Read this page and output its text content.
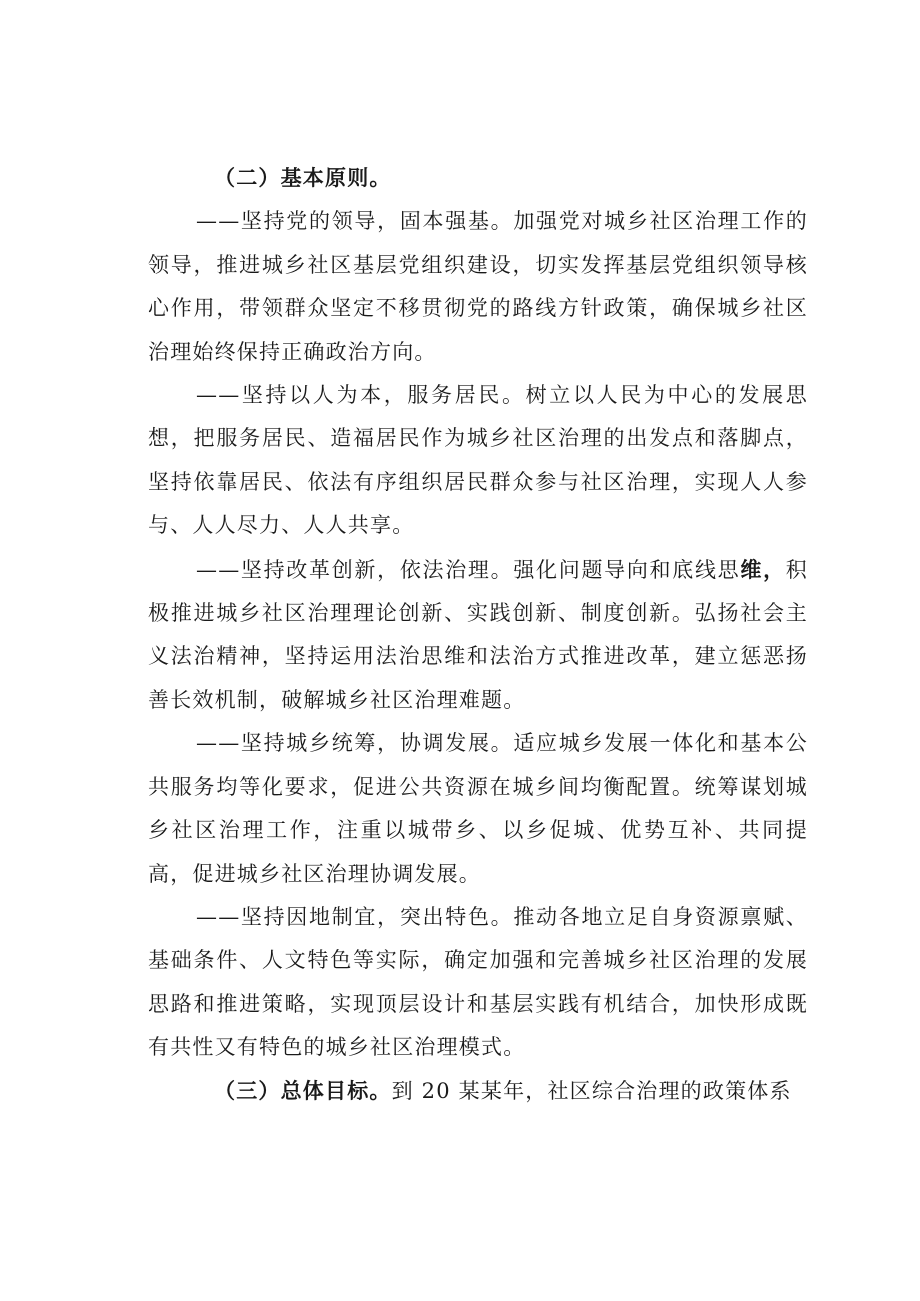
（二）基本原则。

——坚持党的领导，固本强基。加强党对城乡社区治理工作的领导，推进城乡社区基层党组织建设，切实发挥基层党组织领导核心作用，带领群众坚定不移贯彻党的路线方针政策，确保城乡社区治理始终保持正确政治方向。

——坚持以人为本，服务居民。树立以人民为中心的发展思想，把服务居民、造福居民作为城乡社区治理的出发点和落脚点，坚持依靠居民、依法有序组织居民群众参与社区治理，实现人人参与、人人尽力、人人共享。

——坚持改革创新，依法治理。强化问题导向和底线思维，积极推进城乡社区治理理论创新、实践创新、制度创新。弘扬社会主义法治精神，坚持运用法治思维和法治方式推进改革，建立惩恶扬善长效机制，破解城乡社区治理难题。

——坚持城乡统筹，协调发展。适应城乡发展一体化和基本公共服务均等化要求，促进公共资源在城乡间均衡配置。统筹谋划城乡社区治理工作，注重以城带乡、以乡促城、优势互补、共同提高，促进城乡社区治理协调发展。

——坚持因地制宜，突出特色。推动各地立足自身资源禀赋、基础条件、人文特色等实际，确定加强和完善城乡社区治理的发展思路和推进策略，实现顶层设计和基层实践有机结合，加快形成既有共性又有特色的城乡社区治理模式。

（三）总体目标。到 20 某某年，社区综合治理的政策体系
